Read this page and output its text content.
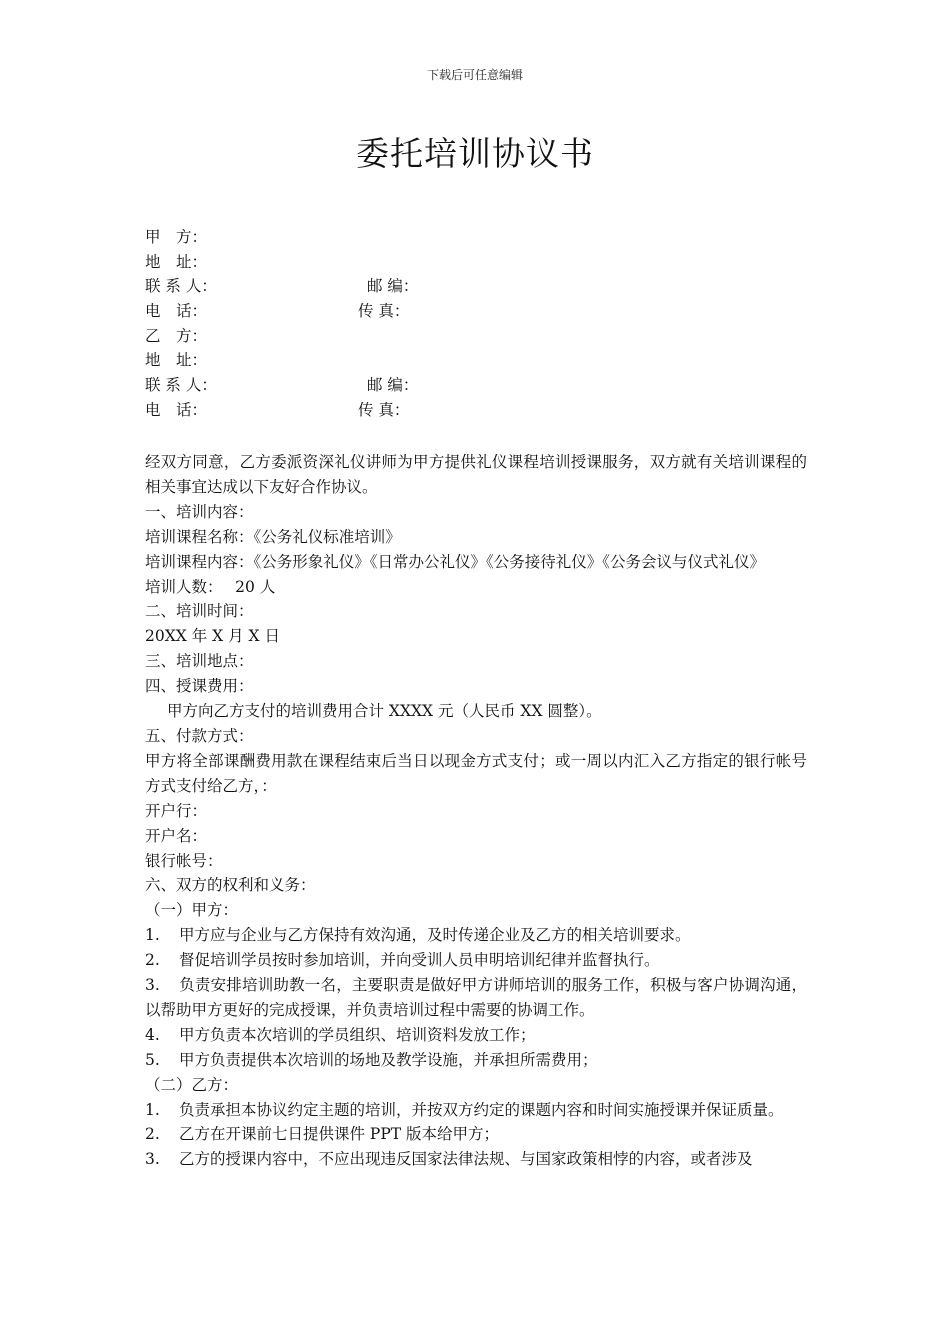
下载后可任意编辑
委托培训协议书
甲　方：
地　址：
联 系 人：	邮 编：
电　话：	传 真：
乙　方：
地　址：
联 系 人：	邮 编：
电　话：	传 真：
经双方同意，乙方委派资深礼仪讲师为甲方提供礼仪课程培训授课服务，双方就有关培训课程的相关事宜达成以下友好合作协议。
一、培训内容：
培训课程名称：《公务礼仪标准培训》
培训课程内容：《公务形象礼仪》《日常办公礼仪》《公务接待礼仪》《公务会议与仪式礼仪》
培训人数：　 20 人
二、培训时间：
20XX 年 X 月 X 日
三、培训地点：
四、授课费用：
甲方向乙方支付的培训费用合计 XXXX 元（人民币 XX 圆整）。
五、付款方式：
甲方将全部课酬费用款在课程结束后当日以现金方式支付；或一周以内汇入乙方指定的银行帐号方式支付给乙方，：
开户行：
开户名：
银行帐号：
六、双方的权利和义务：
（一）甲方：
1. 甲方应与企业与乙方保持有效沟通，及时传递企业及乙方的相关培训要求。
2. 督促培训学员按时参加培训，并向受训人员申明培训纪律并监督执行。
3. 负责安排培训助教一名，主要职责是做好甲方讲师培训的服务工作，积极与客户协调沟通，以帮助甲方更好的完成授课，并负责培训过程中需要的协调工作。
4. 甲方负责本次培训的学员组织、培训资料发放工作；
5. 甲方负责提供本次培训的场地及教学设施，并承担所需费用；
（二）乙方：
1. 负责承担本协议约定主题的培训，并按双方约定的课题内容和时间实施授课并保证质量。
2. 乙方在开课前七日提供课件 PPT 版本给甲方；
3. 乙方的授课内容中，不应出现违反国家法律法规、与国家政策相悖的内容，或者涉及
